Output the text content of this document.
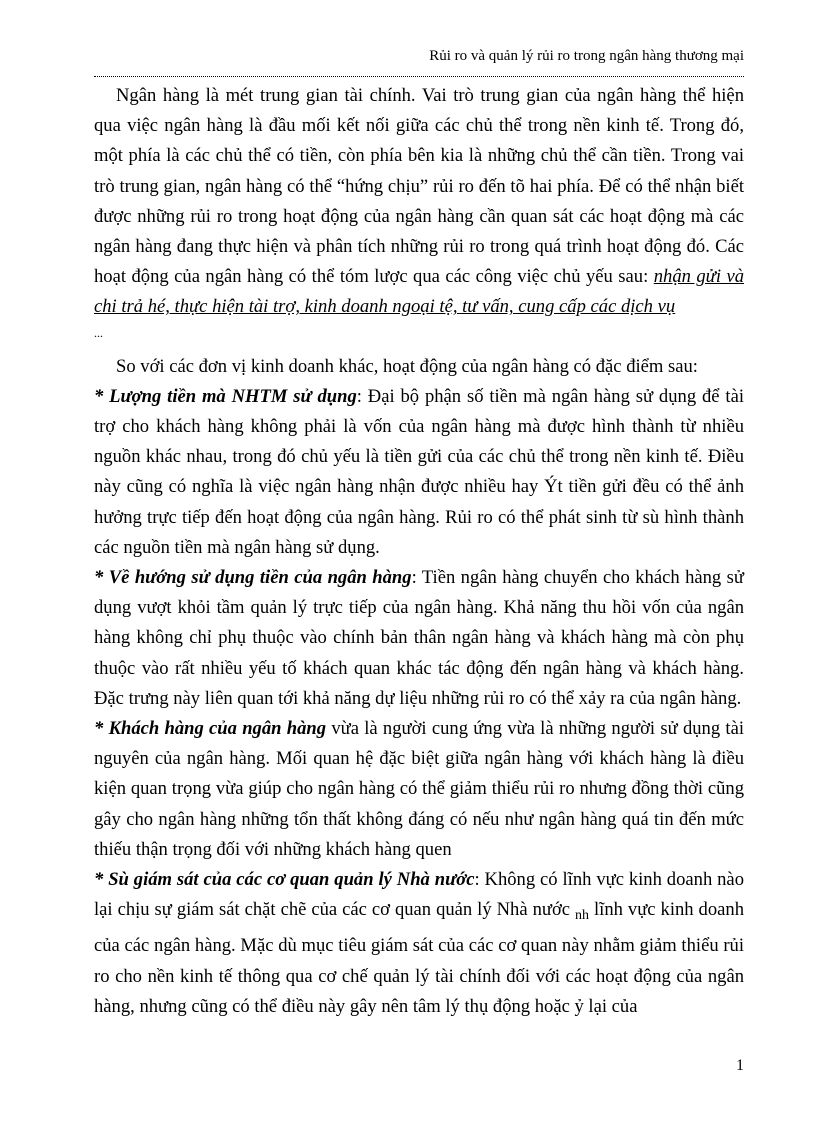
Rủi ro và quản lý rủi ro trong ngân hàng thương mại

Ngân hàng là mét trung gian tài chính. Vai trò trung gian của ngân hàng thể hiện qua việc ngân hàng là đầu mối kết nối giữa các chủ thể trong nền kinh tế. Trong đó, một phía là các chủ thể có tiền, còn phía bên kia là những chủ thể cần tiền. Trong vai trò trung gian, ngân hàng có thể “hứng chịu” rủi ro đến tõ hai phía. Để có thể nhận biết được những rủi ro trong hoạt động của ngân hàng cần quan sát các hoạt động mà các ngân hàng đang thực hiện và phân tích những rủi ro trong quá trình hoạt động đó. Các hoạt động của ngân hàng có thể tóm lược qua các công việc chủ yếu sau: nhận gửi và chi trả hé, thực hiện tài trợ, kinh doanh ngoại tệ, tư vấn, cung cấp các dịch vụ

...

So với các đơn vị kinh doanh khác, hoạt động của ngân hàng có đặc điểm sau:

* Lượng tiền mà NHTM sử dụng: Đại bộ phận số tiền mà ngân hàng sử dụng để tài trợ cho khách hàng không phải là vốn của ngân hàng mà được hình thành từ nhiều nguồn khác nhau, trong đó chủ yếu là tiền gửi của các chủ thể trong nền kinh tế. Điều này cũng có nghĩa là việc ngân hàng nhận được nhiều hay Ýt tiền gửi đều có thể ảnh hưởng trực tiếp đến hoạt động của ngân hàng. Rủi ro có thể phát sinh từ sù hình thành các nguồn tiền mà ngân hàng sử dụng.

* Về hướng sử dụng tiền của ngân hàng: Tiền ngân hàng chuyển cho khách hàng sử dụng vượt khỏi tầm quản lý trực tiếp của ngân hàng. Khả năng thu hồi vốn của ngân hàng không chỉ phụ thuộc vào chính bản thân ngân hàng và khách hàng mà còn phụ thuộc vào rất nhiều yếu tố khách quan khác tác động đến ngân hàng và khách hàng. Đặc trưng này liên quan tới khả năng dự liệu những rủi ro có thể xảy ra của ngân hàng.

* Khách hàng của ngân hàng vừa là người cung ứng vừa là những người sử dụng tài nguyên của ngân hàng. Mối quan hệ đặc biệt giữa ngân hàng với khách hàng là điều kiện quan trọng vừa giúp cho ngân hàng có thể giảm thiểu rủi ro nhưng đồng thời cũng gây cho ngân hàng những tổn thất không đáng có nếu như ngân hàng quá tin đến mức thiếu thận trọng đối với những khách hàng quen

* Sù giám sát của các cơ quan quản lý Nhà nước: Không có lĩnh vực kinh doanh nào lại chịu sự giám sát chặt chẽ của các cơ quan quản lý Nhà nước $_{nh}$ lĩnh vực kinh doanh của các ngân hàng. Mặc dù mục tiêu giám sát của các cơ quan này nhằm giảm thiểu rủi ro cho nền kinh tế thông qua cơ chế quản lý tài chính đối với các hoạt động của ngân hàng, nhưng cũng có thể điều này gây nên tâm lý thụ động hoặc ỷ lại của

1
